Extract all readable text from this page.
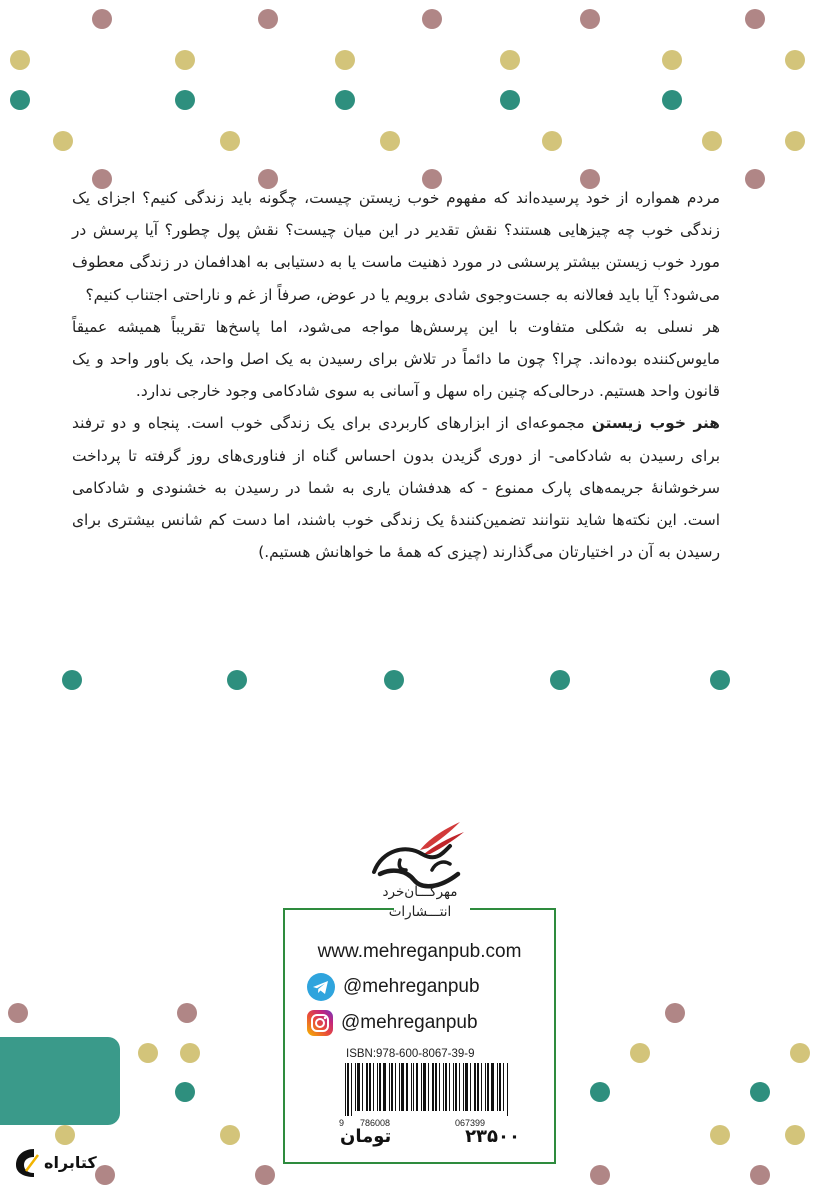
مردم همواره از خود پرسیده‌اند که مفهوم خوب زیستن چیست، چگونه باید زندگی کنیم؟ اجزای یک زندگی خوب چه چیزهایی هستند؟ نقش تقدیر در این میان چیست؟ نقش پول چطور؟ آیا پرسش در مورد خوب زیستن بیشتر پرسشی در مورد ذهنیت ماست یا به دستیابی به اهدافمان در زندگی معطوف می‌شود؟ آیا باید فعالانه به جست‌وجوی شادی برویم یا در عوض، صرفاً از غم و ناراحتی اجتناب کنیم؟

هر نسلی به شکلی متفاوت با این پرسش‌ها مواجه می‌شود، اما پاسخ‌ها تقریباً همیشه عمیقاً مایوس‌کننده بوده‌اند. چرا؟ چون ما دائماً در تلاش برای رسیدن به یک اصل واحد، یک باور واحد و یک قانون واحد هستیم. درحالی‌که چنین راه سهل و آسانی به سوی شادکامی وجود خارجی ندارد.

هنر خوب زیستن مجموعه‌ای از ابزارهای کاربردی برای یک زندگی خوب است. پنجاه و دو ترفند برای رسیدن به شادکامی- از دوری گزیدن بدون احساس گناه از فناوری‌های روز گرفته تا پرداخت سرخوشانهٔ جریمه‌های پارک ممنوع - که هدفشان یاری به شما در رسیدن به خشنودی و شادکامی است. این نکته‌ها شاید نتوانند تضمین‌کنندهٔ یک زندگی خوب باشند، اما دست کم شانس بیشتری برای رسیدن به آن در اختیارتان می‌گذارند (چیزی که همهٔ ما خواهانش هستیم.)

مهرگـــان‌خرد
انتـــشارات
www.mehreganpub.com
@mehreganpub
@mehreganpub
ISBN:978-600-8067-39-9
9 786008	067399
۲۳۵۰۰
تومان
کتابراه
